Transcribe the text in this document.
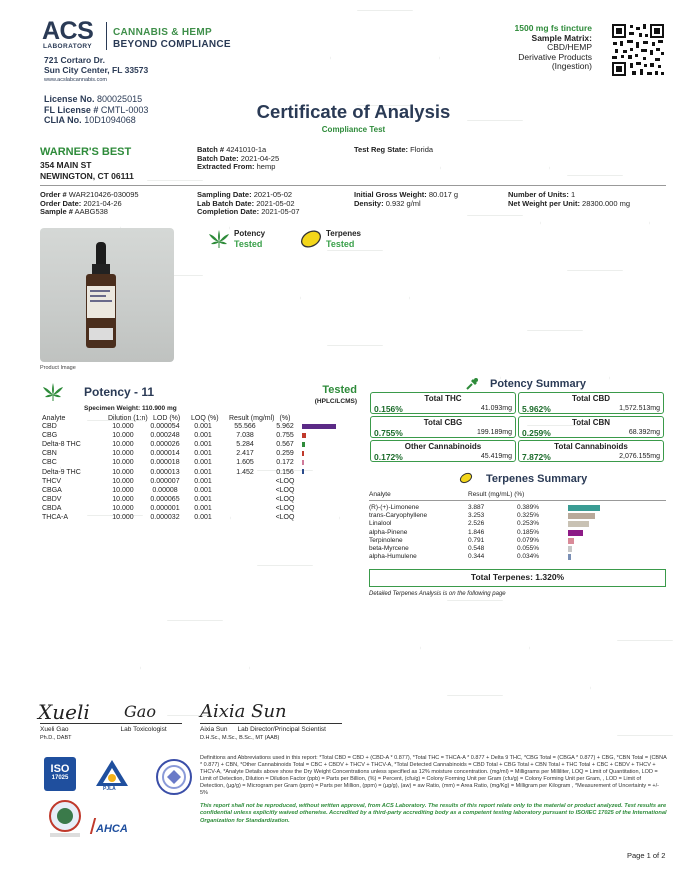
ACS
LABORATORY
CANNABIS & HEMP
BEYOND COMPLIANCE
721 Cortaro Dr.
Sun City Center, FL 33573
www.acslabcannabis.com
License No. 800025015
FL License # CMTL-0003
CLIA No. 10D1094068
1500 mg fs tincture
Sample Matrix:
CBD/HEMP
Derivative Products
(Ingestion)
Certificate of Analysis
Compliance Test
WARNER'S BEST
354 MAIN ST
NEWINGTON, CT 06111
Batch # 4241010-1a
Batch Date: 2021-04-25
Extracted From: hemp
Test Reg State: Florida
Order # WAR210426-030095
Order Date: 2021-04-26
Sample # AABG538
Sampling Date: 2021-05-02
Lab Batch Date: 2021-05-02
Completion Date: 2021-05-07
Initial Gross Weight: 80.017 g
Density: 0.932 g/ml
Number of Units: 1
Net Weight per Unit: 28300.000 mg
Product Image
Potency
Tested
Terpenes
Tested
Potency - 11	Tested
(HPLC/LCMS)
Specimen Weight: 110.900 mg
Analyte	Dilution (1:n)	LOD (%)	LOQ (%)	Result (mg/ml)	(%)	
CBD	10.000	0.000054	0.001	55.566	5.962	
CBG	10.000	0.000248	0.001	7.038	0.755	
Delta-8 THC	10.000	0.000026	0.001	5.284	0.567	
CBN	10.000	0.000014	0.001	2.417	0.259	
CBC	10.000	0.000018	0.001	1.605	0.172	
Delta-9 THC	10.000	0.000013	0.001	1.452	0.156	
THCV	10.000	0.000007	0.001		<LOQ	
CBGA	10.000	0.00008	0.001		<LOQ	
CBDV	10.000	0.000065	0.001		<LOQ	
CBDA	10.000	0.000001	0.001		<LOQ	
THCA-A	10.000	0.000032	0.001		<LOQ	
Potency Summary
Total THC
0.156%	41.093mg
Total CBD
5.962%	1,572.513mg
Total CBG
0.755%	199.189mg
Total CBN
0.259%	68.392mg
Other Cannabinoids
0.172%	45.419mg
Total Cannabinoids
7.872%	2,076.155mg
Terpenes Summary
Analyte	Result (mg/mL) (%)
(R)-(+)-Limonene	3.887	0.389%
trans-Caryophyllene	3.253	0.325%
Linalool	2.526	0.253%
alpha-Pinene	1.846	0.185%
Terpinolene	0.791	0.079%
beta-Myrcene	0.548	0.055%
alpha-Humulene	0.344	0.034%
Total Terpenes: 1.320%
Detailed Terpenes Analysis is on the following page
Xueli Gao Aixia Sun
Xueli Gao	Lab Toxicologist
Ph.D., DABT
Aixia Sun Lab Director/Principal Scientist
D.H.Sc., M.Sc., B.Sc., MT (AAB)
ISO
17025
PJLA
AHCA
Definitions and Abbreviations used in this report: *Total CBD = CBD + (CBD-A * 0.877), *Total THC = THCA-A * 0.877 + Delta 9 THC, *CBG Total = (CBGA * 0.877) + CBG, *CBN Total = (CBNA * 0.877) + CBN, *Other Cannabinoids Total = CBC + CBDV + THCV + THCV-A, *Total Detected Cannabinoids = CBD Total + CBG Total + CBN Total + THC Total + CBC + CBDV + THCV + THCV-A, *Analyte Details above show the Dry Weight Concentrations unless specified as 12% moisture concentration. (mg/ml) = Milligrams per Milliliter, LOQ = Limit of Quantitation, LOD = Limit of Detection, Dilution = Dilution Factor (ppb) = Parts per Billion, (%) = Percent, (cfu/g) = Colony Forming Unit per Gram (cfu/g) = Colony Forming Unit per Gram, , LOD = Limit of Detection, (µg/g) = Microgram per Gram (ppm) = Parts per Million, (ppm) = (µg/g), (aw) = aw Ratio, (mm) = Area Ratio, (mg/Kg) = Milligram per Kilogram , *Measurement of Uncertainty = +/- 5%
This report shall not be reproduced, without written approval, from ACS Laboratory. The results of this report relate only to the material or product analyzed. Test results are confidential unless explicitly waived otherwise. Accredited by a third-party accrediting body as a competent testing laboratory pursuant to ISO/IEC 17025 of the International Organization for Standardization.
Page 1 of 2
